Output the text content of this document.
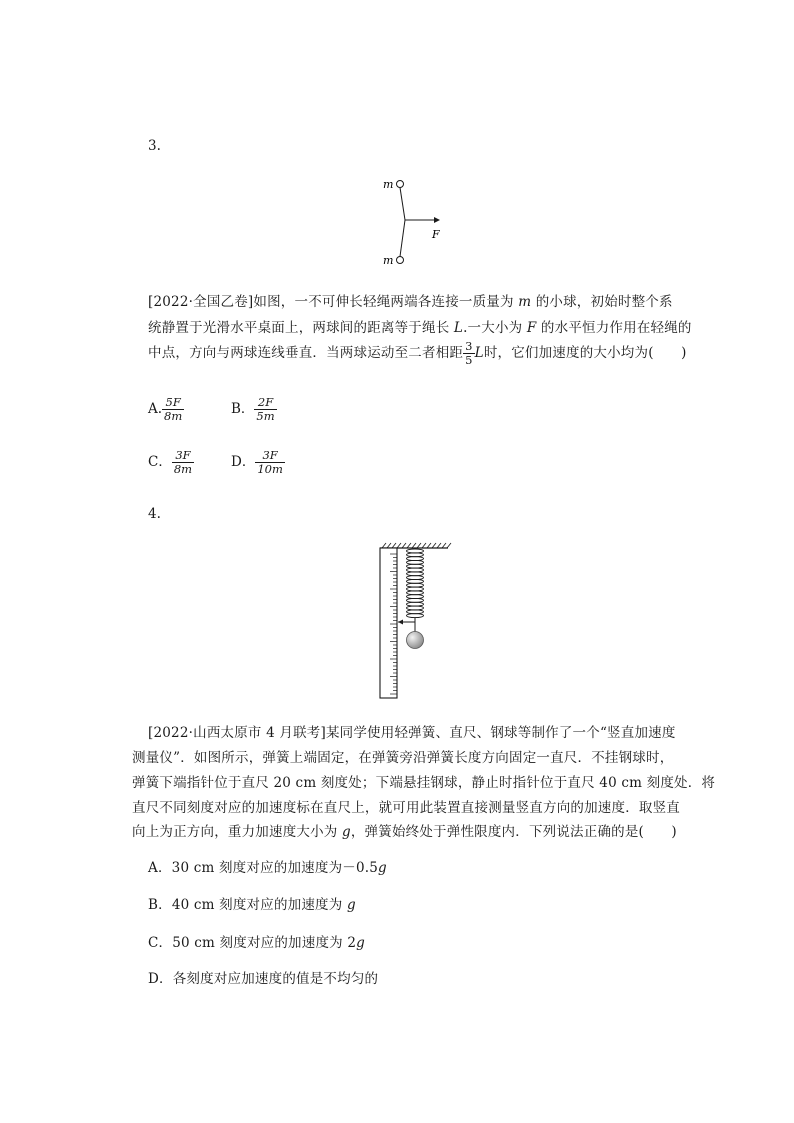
3.
m
F
m
[2022·全国乙卷]如图，一不可伸长轻绳两端各连接一质量为 m 的小球，初始时整个系
统静置于光滑水平桌面上，两球间的距离等于绳长 L.一大小为 F 的水平恒力作用在轻绳的
中点，方向与两球连线垂直．当两球运动至二者相距 $\frac{3}{5}$ L时，它们加速度的大小均为(　　)
A. $\frac{5F}{8m}$	B． $\frac{2F}{5m}$
C． $\frac{3F}{8m}$	D． $\frac{3F}{10m}$
4.
[2022·山西太原市 4 月联考]某同学使用轻弹簧、直尺、钢球等制作了一个“竖直加速度
测量仪”．如图所示，弹簧上端固定，在弹簧旁沿弹簧长度方向固定一直尺．不挂钢球时，
弹簧下端指针位于直尺 20 cm 刻度处；下端悬挂钢球，静止时指针位于直尺 40 cm 刻度处．将
直尺不同刻度对应的加速度标在直尺上，就可用此装置直接测量竖直方向的加速度．取竖直
向上为正方向，重力加速度大小为 g，弹簧始终处于弹性限度内．下列说法正确的是(　　)
A．30 cm 刻度对应的加速度为－0.5g
B．40 cm 刻度对应的加速度为 g
C．50 cm 刻度对应的加速度为 2g
D．各刻度对应加速度的值是不均匀的
